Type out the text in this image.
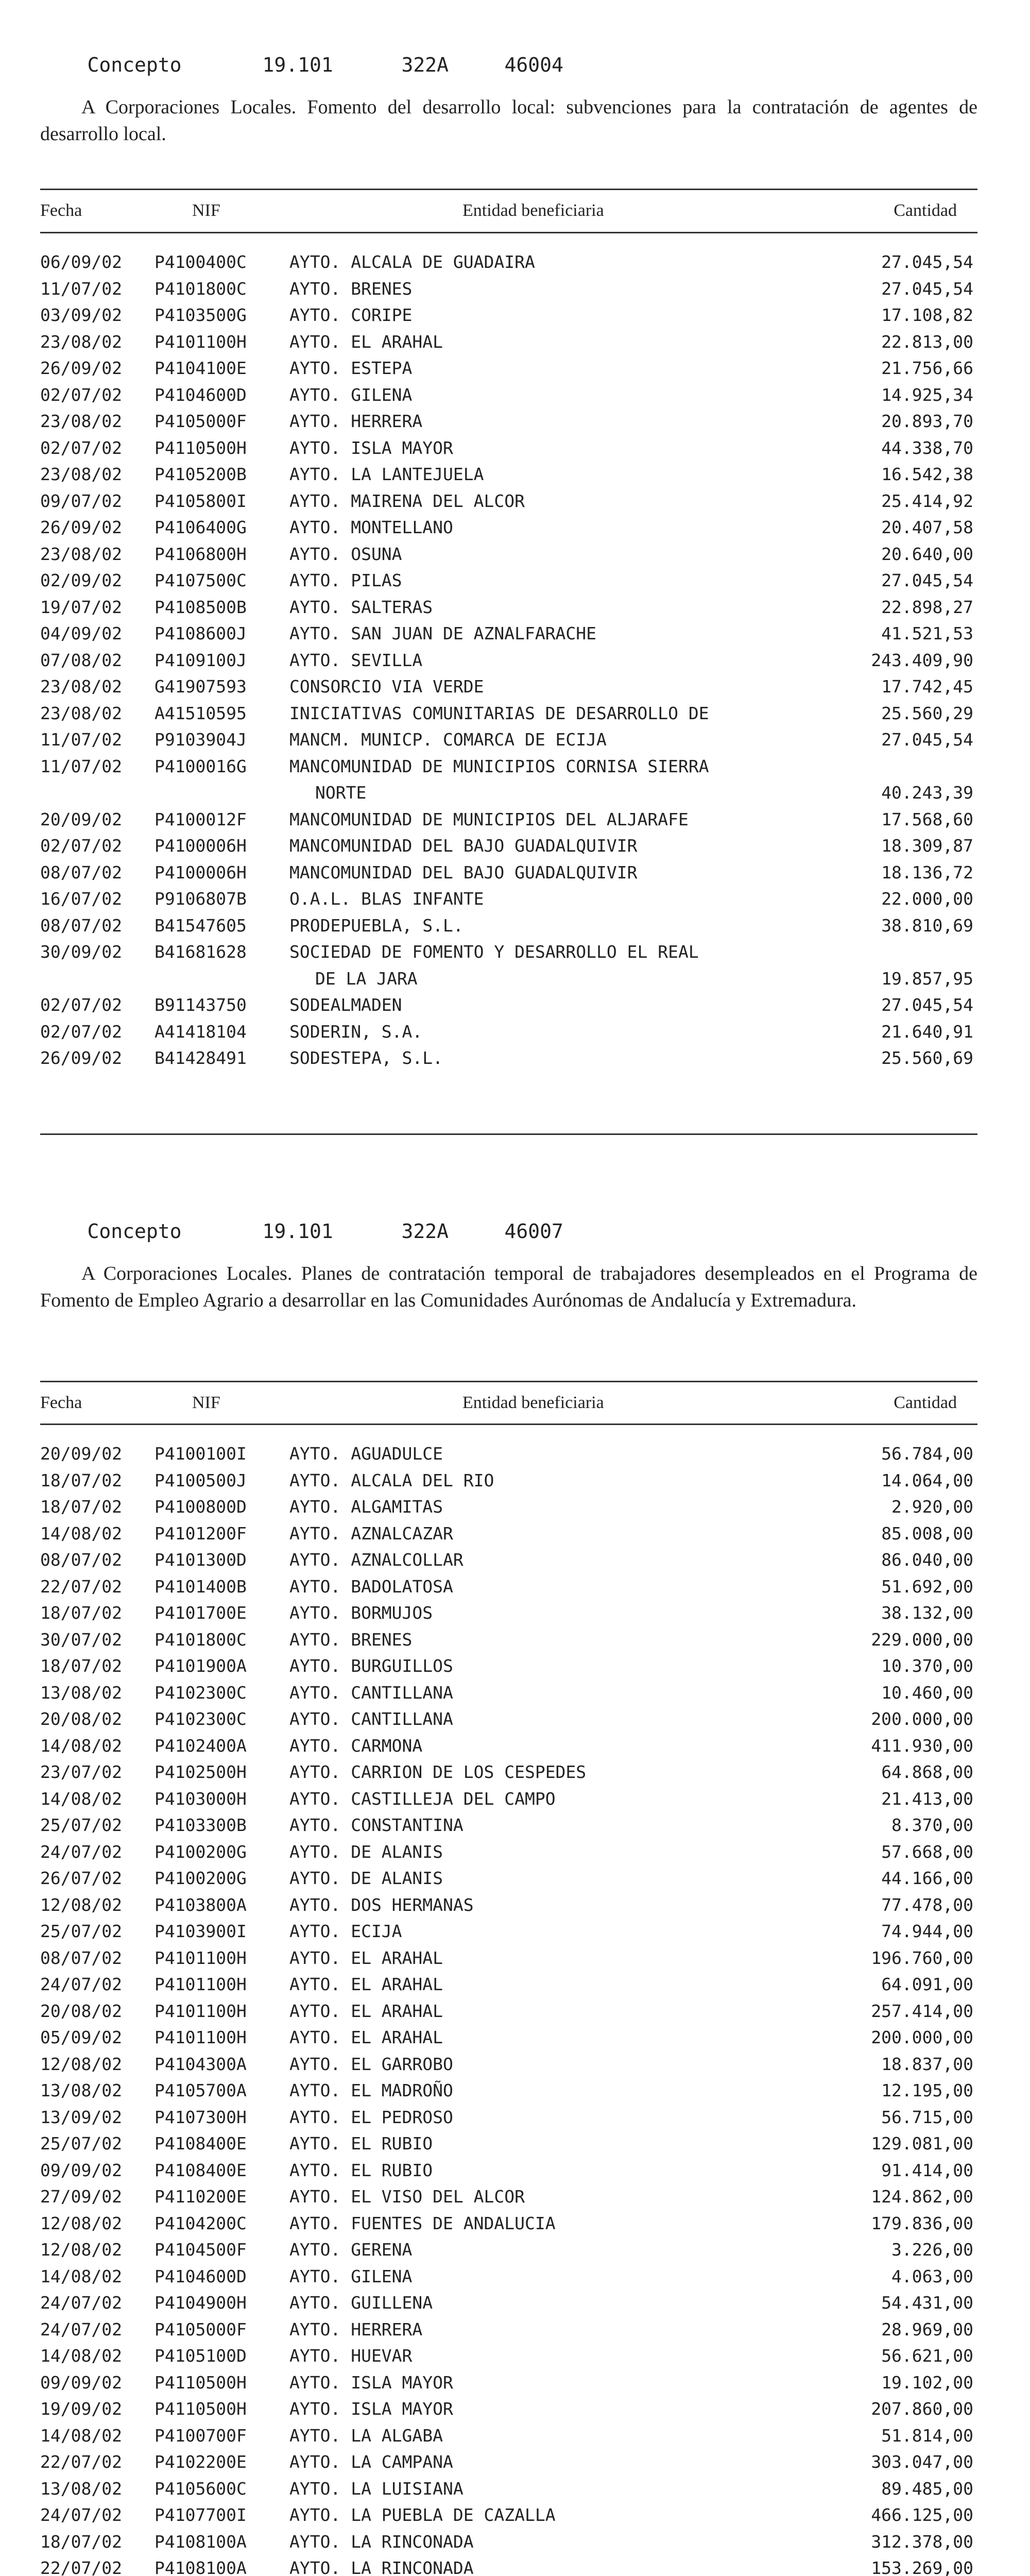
Concepto	19.101	322A	46004

A Corporaciones Locales. Fomento del desarrollo local: subvenciones para la contratación de agentes de desarrollo local.
Fecha	NIF	Entidad beneficiaria	Cantidad
06/09/02 P4100400C	AYTO. ALCALA DE GUADAIRA	27.045,54
11/07/02 P4101800C	AYTO. BRENES	27.045,54
03/09/02 P4103500G	AYTO. CORIPE	17.108,82
23/08/02 P4101100H	AYTO. EL ARAHAL	22.813,00
26/09/02 P4104100E	AYTO. ESTEPA	21.756,66
02/07/02 P4104600D	AYTO. GILENA	14.925,34
23/08/02 P4105000F	AYTO. HERRERA	20.893,70
02/07/02 P4110500H	AYTO. ISLA MAYOR	44.338,70
23/08/02 P4105200B	AYTO. LA LANTEJUELA	16.542,38
09/07/02 P4105800I	AYTO. MAIRENA DEL ALCOR	25.414,92
26/09/02 P4106400G	AYTO. MONTELLANO	20.407,58
23/08/02 P4106800H	AYTO. OSUNA	20.640,00
02/09/02 P4107500C	AYTO. PILAS	27.045,54
19/07/02 P4108500B	AYTO. SALTERAS	22.898,27
04/09/02 P4108600J	AYTO. SAN JUAN DE AZNALFARACHE	41.521,53
07/08/02 P4109100J	AYTO. SEVILLA	243.409,90
23/08/02 G41907593	CONSORCIO VIA VERDE	17.742,45
23/08/02 A41510595	INICIATIVAS COMUNITARIAS DE DESARROLLO DE	25.560,29
11/07/02 P9103904J	MANCM. MUNICP. COMARCA DE ECIJA	27.045,54
11/07/02 P4100016G	MANCOMUNIDAD DE MUNICIPIOS CORNISA SIERRA
NORTE	40.243,39
20/09/02 P4100012F	MANCOMUNIDAD DE MUNICIPIOS DEL ALJARAFE	17.568,60
02/07/02 P4100006H	MANCOMUNIDAD DEL BAJO GUADALQUIVIR	18.309,87
08/07/02 P4100006H	MANCOMUNIDAD DEL BAJO GUADALQUIVIR	18.136,72
16/07/02 P9106807B	O.A.L. BLAS INFANTE	22.000,00
08/07/02 B41547605	PRODEPUEBLA, S.L.	38.810,69
30/09/02 B41681628	SOCIEDAD DE FOMENTO Y DESARROLLO EL REAL
DE LA JARA	19.857,95
02/07/02 B91143750	SODEALMADEN	27.045,54
02/07/02 A41418104	SODERIN, S.A.	21.640,91
26/09/02 B41428491	SODESTEPA, S.L.	25.560,69

Concepto	19.101	322A	46007

A Corporaciones Locales. Planes de contratación temporal de trabajadores desempleados en el Programa de Fomento de Empleo Agrario a desarrollar en las Comunidades Aurónomas de Andalucía y Extremadura.
Fecha	NIF	Entidad beneficiaria	Cantidad
20/09/02 P4100100I	AYTO. AGUADULCE	56.784,00
18/07/02 P4100500J	AYTO. ALCALA DEL RIO	14.064,00
18/07/02 P4100800D	AYTO. ALGAMITAS	2.920,00
14/08/02 P4101200F	AYTO. AZNALCAZAR	85.008,00
08/07/02 P4101300D	AYTO. AZNALCOLLAR	86.040,00
22/07/02 P4101400B	AYTO. BADOLATOSA	51.692,00
18/07/02 P4101700E	AYTO. BORMUJOS	38.132,00
30/07/02 P4101800C	AYTO. BRENES	229.000,00
18/07/02 P4101900A	AYTO. BURGUILLOS	10.370,00
13/08/02 P4102300C	AYTO. CANTILLANA	10.460,00
20/08/02 P4102300C	AYTO. CANTILLANA	200.000,00
14/08/02 P4102400A	AYTO. CARMONA	411.930,00
23/07/02 P4102500H	AYTO. CARRION DE LOS CESPEDES	64.868,00
14/08/02 P4103000H	AYTO. CASTILLEJA DEL CAMPO	21.413,00
25/07/02 P4103300B	AYTO. CONSTANTINA	8.370,00
24/07/02 P4100200G	AYTO. DE ALANIS	57.668,00
26/07/02 P4100200G	AYTO. DE ALANIS	44.166,00
12/08/02 P4103800A	AYTO. DOS HERMANAS	77.478,00
25/07/02 P4103900I	AYTO. ECIJA	74.944,00
08/07/02 P4101100H	AYTO. EL ARAHAL	196.760,00
24/07/02 P4101100H	AYTO. EL ARAHAL	64.091,00
20/08/02 P4101100H	AYTO. EL ARAHAL	257.414,00
05/09/02 P4101100H	AYTO. EL ARAHAL	200.000,00
12/08/02 P4104300A	AYTO. EL GARROBO	18.837,00
13/08/02 P4105700A	AYTO. EL MADROÑO	12.195,00
13/09/02 P4107300H	AYTO. EL PEDROSO	56.715,00
25/07/02 P4108400E	AYTO. EL RUBIO	129.081,00
09/09/02 P4108400E	AYTO. EL RUBIO	91.414,00
27/09/02 P4110200E	AYTO. EL VISO DEL ALCOR	124.862,00
12/08/02 P4104200C	AYTO. FUENTES DE ANDALUCIA	179.836,00
12/08/02 P4104500F	AYTO. GERENA	3.226,00
14/08/02 P4104600D	AYTO. GILENA	4.063,00
24/07/02 P4104900H	AYTO. GUILLENA	54.431,00
24/07/02 P4105000F	AYTO. HERRERA	28.969,00
14/08/02 P4105100D	AYTO. HUEVAR	56.621,00
09/09/02 P4110500H	AYTO. ISLA MAYOR	19.102,00
19/09/02 P4110500H	AYTO. ISLA MAYOR	207.860,00
14/08/02 P4100700F	AYTO. LA ALGABA	51.814,00
22/07/02 P4102200E	AYTO. LA CAMPANA	303.047,00
13/08/02 P4105600C	AYTO. LA LUISIANA	89.485,00
24/07/02 P4107700I	AYTO. LA PUEBLA DE CAZALLA	466.125,00
18/07/02 P4108100A	AYTO. LA RINCONADA	312.378,00
22/07/02 P4108100A	AYTO. LA RINCONADA	153.269,00
